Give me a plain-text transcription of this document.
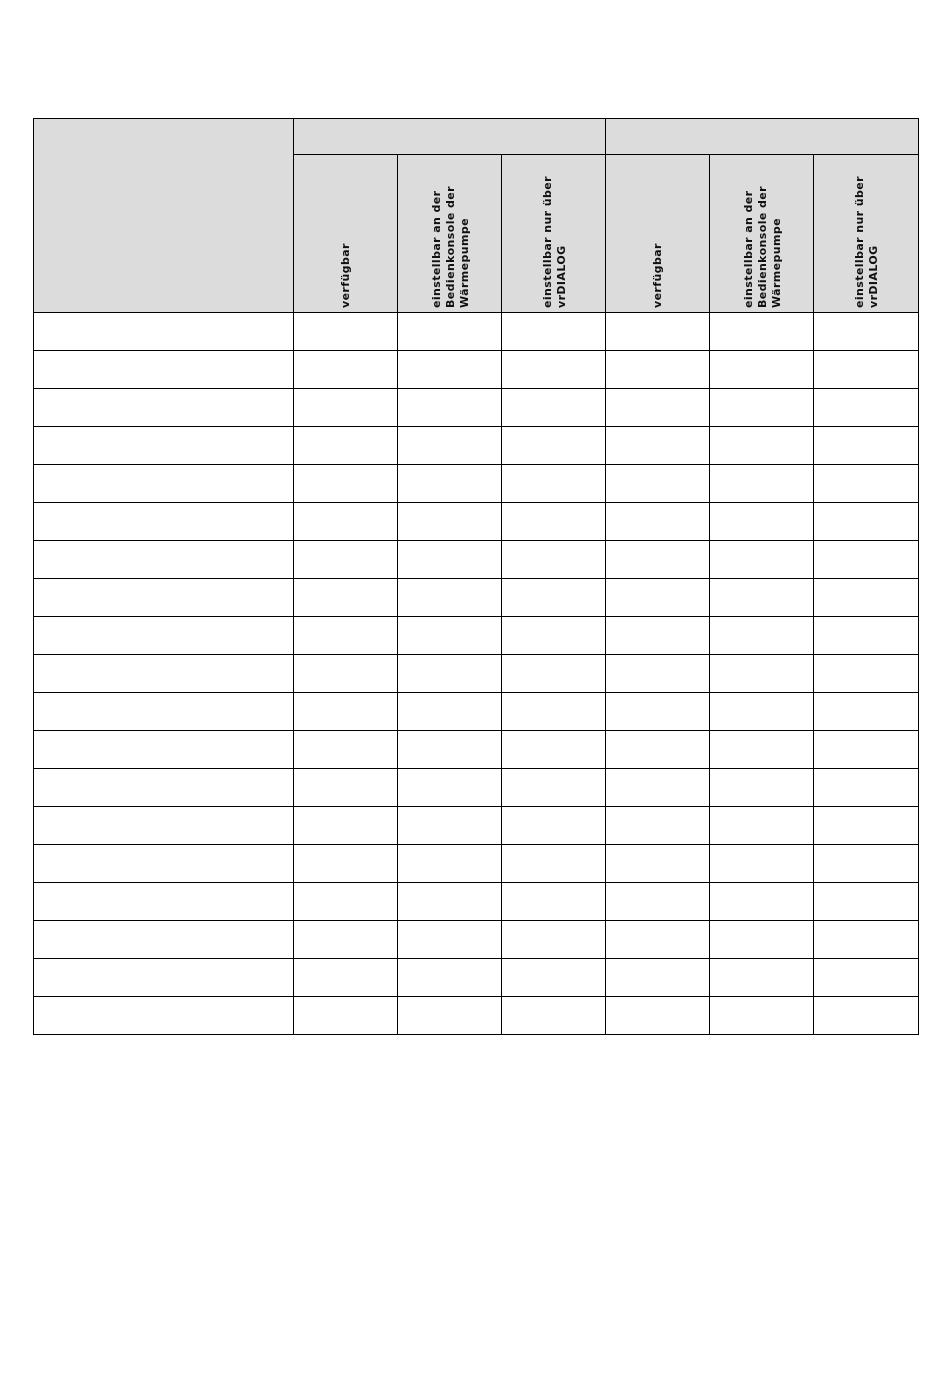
	verfügbar	einstellbar an der Bedienkonsole der Wärmepumpe	einstellbar nur über vrDIALOG	verfügbar	einstellbar an der Bedienkonsole der Wärmepumpe	einstellbar nur über vrDIALOG
